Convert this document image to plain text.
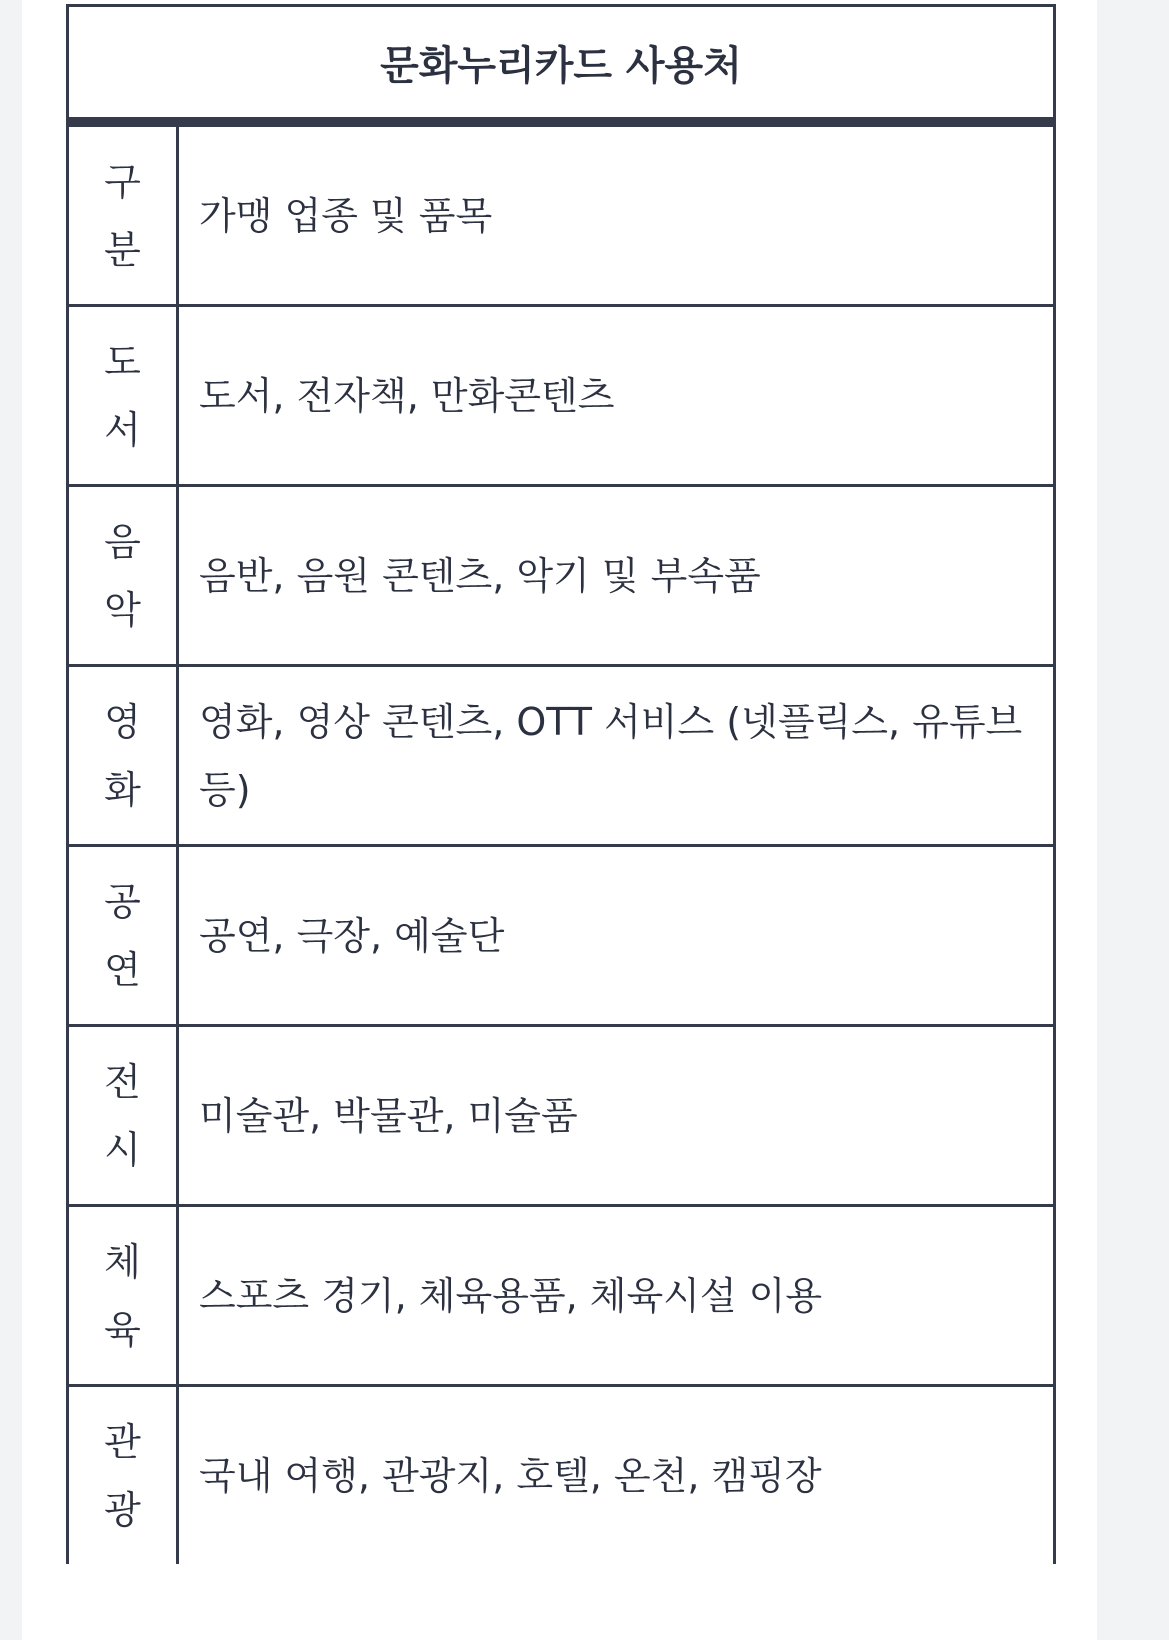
문화누리카드 사용처	

구분	가맹 업종 및 품목

도서	도서, 전자책, 만화콘텐츠

음악	음반, 음원 콘텐츠, 악기 및 부속품

영화	영화, 영상 콘텐츠, OTT 서비스 (넷플릭스, 유튜브 등)

공연	공연, 극장, 예술단

전시	미술관, 박물관, 미술품

체육	스포츠 경기, 체육용품, 체육시설 이용

관광	국내 여행, 관광지, 호텔, 온천, 캠핑장
